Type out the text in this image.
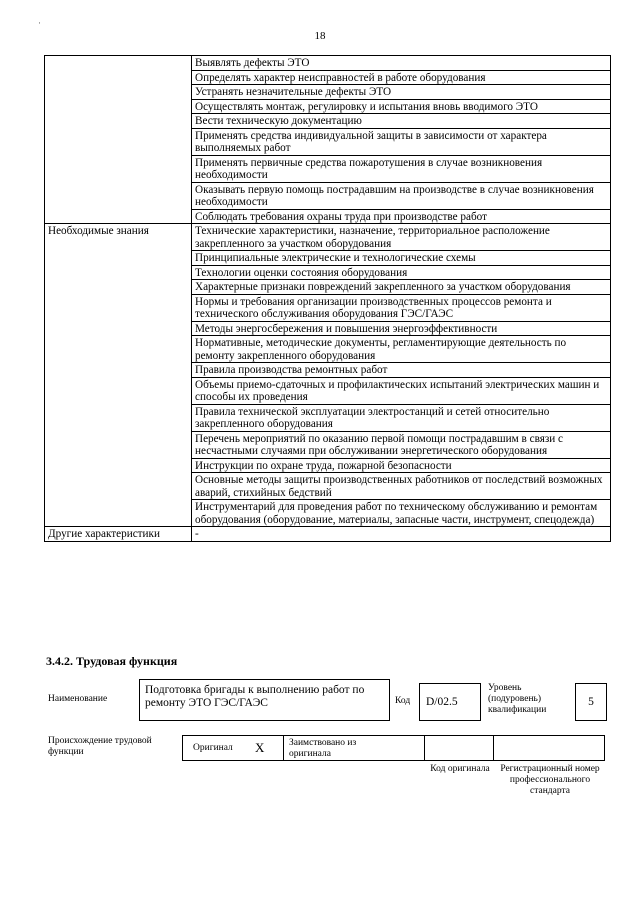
·
18
	Выявлять дефекты ЭТО
	Определять характер неисправностей в работе оборудования
	Устранять незначительные дефекты ЭТО
	Осуществлять монтаж, регулировку и испытания вновь вводимого ЭТО
	Вести техническую документацию
	Применять средства индивидуальной защиты в зависимости от характера выполняемых работ
	Применять первичные средства пожаротушения в случае возникновения необходимости
	Оказывать первую помощь пострадавшим на производстве в случае возникновения необходимости
	Соблюдать требования охраны труда при производстве работ
Необходимые знания	Технические характеристики, назначение, территориальное расположение закрепленного за участком оборудования
	Принципиальные электрические и технологические схемы
	Технологии оценки состояния оборудования
	Характерные признаки повреждений закрепленного за участком оборудования
	Нормы и требования организации производственных процессов ремонта и технического обслуживания оборудования ГЭС/ГАЭС
	Методы энергосбережения и повышения энергоэффективности
	Нормативные, методические документы, регламентирующие деятельность по ремонту закрепленного оборудования
	Правила производства ремонтных работ
	Объемы приемо-сдаточных и профилактических испытаний электрических машин и способы их проведения
	Правила технической эксплуатации электростанций и сетей относительно закрепленного оборудования
	Перечень мероприятий по оказанию первой помощи пострадавшим в связи с несчастными случаями при обслуживании энергетического оборудования
	Инструкции по охране труда, пожарной безопасности
	Основные методы защиты производственных работников от последствий возможных аварий, стихийных бедствий
	Инструментарий для проведения работ по техническому обслуживанию и ремонтам оборудования (оборудование, материалы, запасные части, инструмент, спецодежда)
Другие характеристики	-
3.4.2. Трудовая функция
Наименование
Подготовка бригады к выполнению работ по ремонту ЭТО ГЭС/ГАЭС	Код	D/02.5
Уровень (подуровень) квалификации
5
Происхождение трудовой функции	Оригинал X	Заимствовано из оригинала
Код оригинала	Регистрационный номер профессионального стандарта
